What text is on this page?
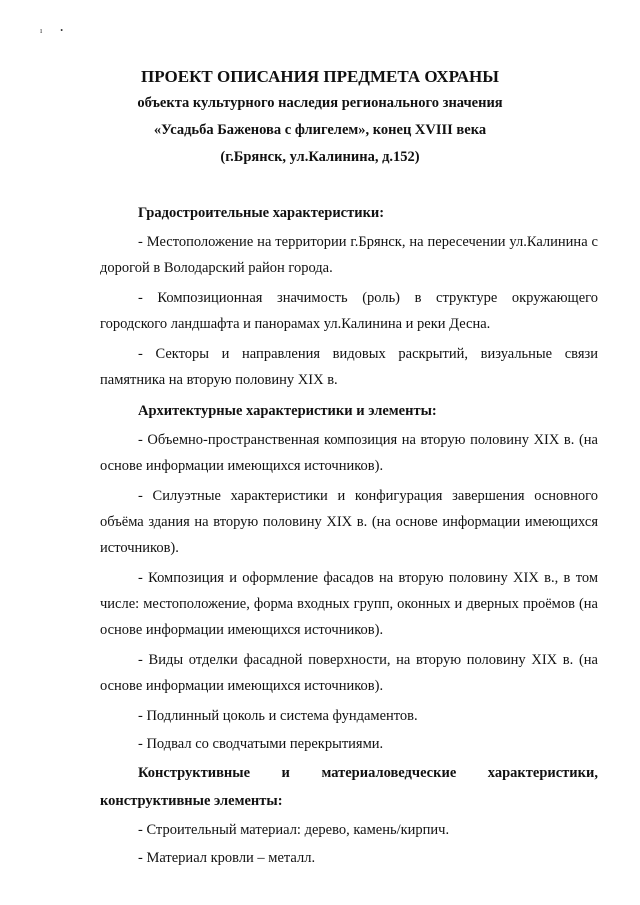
ı •
ПРОЕКТ ОПИСАНИЯ ПРЕДМЕТА ОХРАНЫ
объекта культурного наследия регионального значения
«Усадьба Баженова с флигелем», конец XVIII века
(г.Брянск, ул.Калинина, д.152)

Градостроительные характеристики:

- Местоположение на территории г.Брянск, на пересечении ул.Калинина с дорогой в Володарский район города.

- Композиционная значимость (роль) в структуре окружающего городского ландшафта и панорамах ул.Калинина и реки Десна.

- Секторы и направления видовых раскрытий, визуальные связи памятника на вторую половину XIX в.

Архитектурные характеристики и элементы:

- Объемно-пространственная композиция на вторую половину XIX в. (на основе информации имеющихся источников).

- Силуэтные характеристики и конфигурация завершения основного объёма здания на вторую половину XIX в. (на основе информации имеющихся источников).

- Композиция и оформление фасадов на вторую половину XIX в., в том числе: местоположение, форма входных групп, оконных и дверных проёмов (на основе информации имеющихся источников).

- Виды отделки фасадной поверхности, на вторую половину XIX в. (на основе информации имеющихся источников).

- Подлинный цоколь и система фундаментов.

- Подвал со сводчатыми перекрытиями.

Конструктивные и материаловедческие характеристики, конструктивные элементы:

- Строительный материал: дерево, камень/кирпич.

- Материал кровли – металл.
